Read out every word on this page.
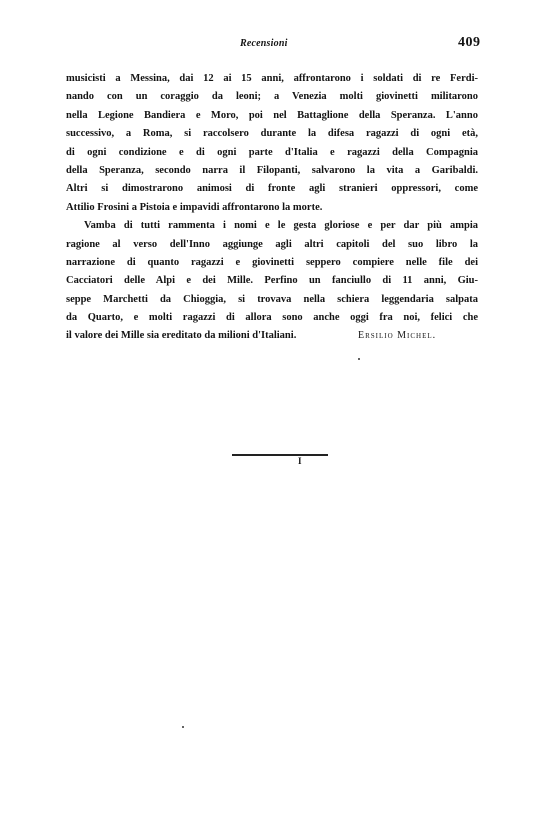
Recensioni	409
musicisti a Messina, dai 12 ai 15 anni, affrontarono i soldati di re Ferdi-
nando con un coraggio da leoni; a Venezia molti giovinetti militarono
nella Legione Bandiera e Moro, poi nel Battaglione della Speranza. L'anno
successivo, a Roma, si raccolsero durante la difesa ragazzi di ogni età,
di ogni condizione e di ogni parte d'Italia e ragazzi della Compagnia
della Speranza, secondo narra il Filopanti, salvarono la vita a Garibaldi.
Altri si dimostrarono animosi di fronte agli stranieri oppressori, come
Attilio Frosini a Pistoia e impavidi affrontarono la morte.
Vamba di tutti rammenta i nomi e le gesta gloriose e per dar più ampia
ragione al verso dell'Inno aggiunge agli altri capitoli del suo libro la
narrazione di quanto ragazzi e giovinetti seppero compiere nelle file dei
Cacciatori delle Alpi e dei Mille. Perfino un fanciullo di 11 anni, Giu-
seppe Marchetti da Chioggia, si trovava nella schiera leggendaria salpata
da Quarto, e molti ragazzi di allora sono anche oggi fra noi, felici che
il valore dei Mille sia ereditato da milioni d'Italiani.	Ersilio Michel.
I
